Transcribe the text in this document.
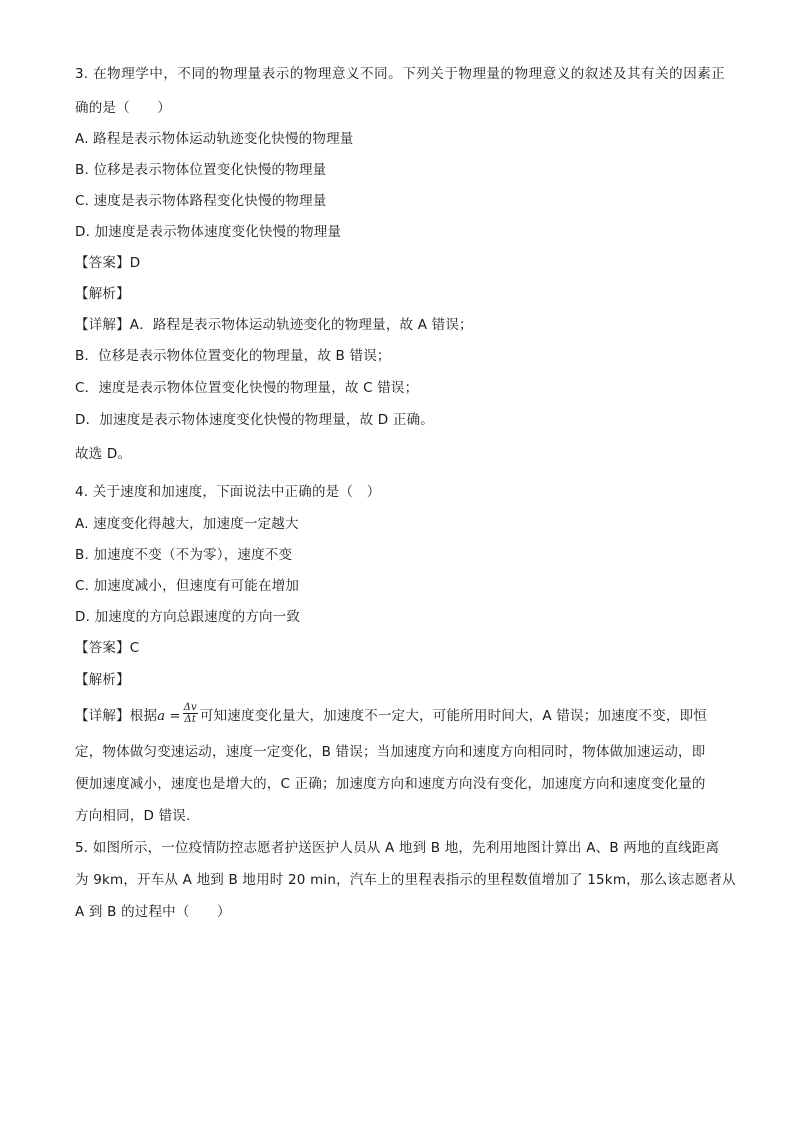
3. 在物理学中，不同的物理量表示的物理意义不同。下列关于物理量的物理意义的叙述及其有关的因素正
确的是（　　）
A. 路程是表示物体运动轨迹变化快慢的物理量
B. 位移是表示物体位置变化快慢的物理量
C. 速度是表示物体路程变化快慢的物理量
D. 加速度是表示物体速度变化快慢的物理量
【答案】D
【解析】
【详解】A．路程是表示物体运动轨迹变化的物理量，故 A 错误；
B．位移是表示物体位置变化的物理量，故 B 错误；
C．速度是表示物体位置变化快慢的物理量，故 C 错误；
D．加速度是表示物体速度变化快慢的物理量，故 D 正确。
故选 D。
4. 关于速度和加速度，下面说法中正确的是（　）
A. 速度变化得越大，加速度一定越大
B. 加速度不变（不为零），速度不变
C. 加速度减小，但速度有可能在增加
D. 加速度的方向总跟速度的方向一致
【答案】C
【解析】
【详解】根据$a = \frac{\Delta v}{\Delta t}$ 可知速度变化量大，加速度不一定大，可能所用时间大，A 错误；加速度不变，即恒
定，物体做匀变速运动，速度一定变化，B 错误；当加速度方向和速度方向相同时，物体做加速运动，即
便加速度减小，速度也是增大的，C 正确；加速度方向和速度方向没有变化，加速度方向和速度变化量的
方向相同，D 错误.
5. 如图所示，一位疫情防控志愿者护送医护人员从 A 地到 B 地，先利用地图计算出 A、B 两地的直线距离
为 9km，开车从 A 地到 B 地用时 20 min，汽车上的里程表指示的里程数值增加了 15km，那么该志愿者从
A 到 B 的过程中（　　）
